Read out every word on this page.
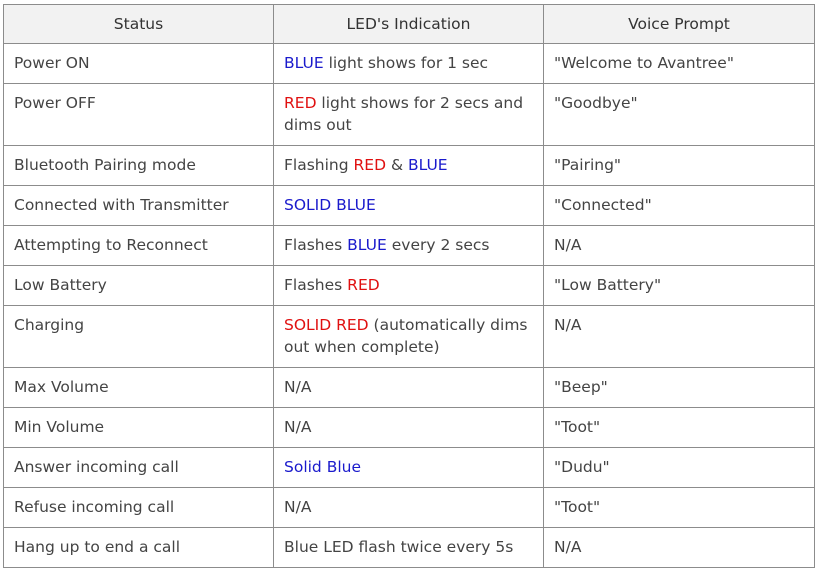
Status	LED's Indication	Voice Prompt
Power ON	BLUE light shows for 1 sec	"Welcome to Avantree"
Power OFF	RED light shows for 2 secs and dims out	"Goodbye"
Bluetooth Pairing mode	Flashing RED & BLUE	"Pairing"
Connected with Transmitter	SOLID BLUE	"Connected"
Attempting to Reconnect	Flashes BLUE every 2 secs	N/A
Low Battery	Flashes RED	"Low Battery"
Charging	SOLID RED (automatically dims out when complete)	N/A
Max Volume	N/A	"Beep"
Min Volume	N/A	"Toot"
Answer incoming call	Solid Blue	"Dudu"
Refuse incoming call	N/A	"Toot"
Hang up to end a call	Blue LED flash twice every 5s	N/A
